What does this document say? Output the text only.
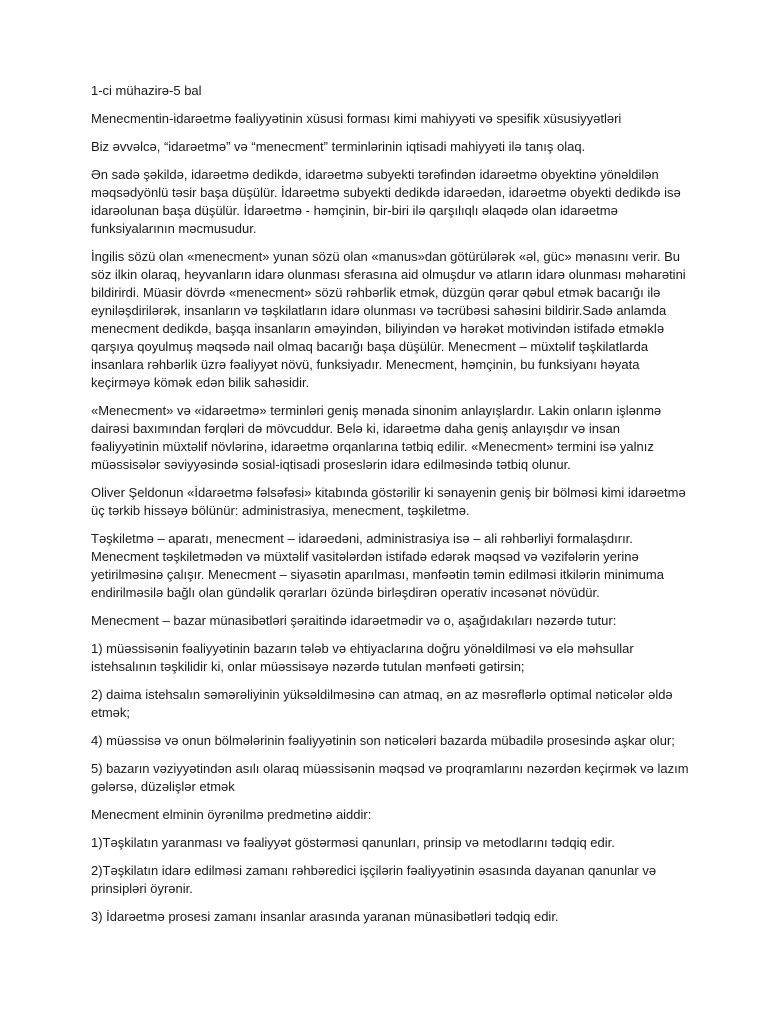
1-ci mühazirə-5 bal

Menecmentin-idarəetmə fəaliyyətinin xüsusi forması kimi mahiyyəti və spesifik xüsusiyyətləri

Biz əvvəlcə, “idarəetmə” və “menecment” terminlərinin iqtisadi mahiyyəti ilə tanış olaq.

Ən sadə şəkildə, idarəetmə dedikdə, idarəetmə subyekti tərəfindən idarəetmə obyektinə yönəldilən məqsədyönlü təsir başa düşülür. İdarəetmə subyekti dedikdə idarəedən, idarəetmə obyekti dedikdə isə idarəolunan başa düşülür. İdarəetmə - həmçinin, bir-biri ilə qarşılıqlı əlaqədə olan idarəetmə funksiyalarının məcmusudur.

İngilis sözü olan «menecment» yunan sözü olan «manus»dan götürülərək «əl, güc» mənasını verir. Bu söz ilkin olaraq, heyvanların idarə olunması sferasına aid olmuşdur və atların idarə olunması məharətini bildirirdi. Müasir dövrdə «menecment» sözü rəhbərlik etmək, düzgün qərar qəbul etmək bacarığı ilə eyniləşdirilərək, insanların və təşkilatların idarə olunması və təcrübəsi sahəsini bildirir.Sadə anlamda menecment dedikdə, başqa insanların əməyindən, biliyindən və hərəkət motivindən istifadə etməklə qarşıya qoyulmuş məqsədə nail olmaq bacarığı başa düşülür. Menecment – müxtəlif təşkilatlarda insanlara rəhbərlik üzrə fəaliyyət növü, funksiyadır. Menecment, həmçinin, bu funksiyanı həyata keçirməyə kömək edən bilik sahəsidir.

«Menecment» və «idarəetmə» terminləri geniş mənada sinonim anlayışlardır. Lakin onların işlənmə dairəsi baxımından fərqləri də mövcuddur. Belə ki, idarəetmə daha geniş anlayışdır və insan fəaliyyətinin müxtəlif növlərinə, idarəetmə orqanlarına tətbiq edilir. «Menecment» termini isə yalnız müəssisələr səviyyəsində sosial-iqtisadi proseslərin idarə edilməsində tətbiq olunur.

Oliver Şeldonun «İdarəetmə fəlsəfəsi» kitabında göstərilir ki sənayenin geniş bir bölməsi kimi idarəetmə üç tərkib hissəyə bölünür: administrasiya, menecment, təşkiletmə.

Təşkiletmə – aparatı, menecment – idarəedəni, administrasiya isə – ali rəhbərliyi formalaşdırır. Menecment təşkiletmədən və müxtəlif vasitələrdən istifadə edərək məqsəd və vəzifələrin yerinə yetirilməsinə çalışır. Menecment – siyasətin aparılması, mənfəətin təmin edilməsi itkilərin minimuma endirilməsilə bağlı olan gündəlik qərarları özündə birləşdirən operativ incəsənət növüdür.

Menecment – bazar münasibətləri şəraitində idarəetmədir və o, aşağıdakıları nəzərdə tutur:

1) müəssisənin fəaliyyətinin bazarın tələb və ehtiyaclarına doğru yönəldilməsi və elə məhsullar istehsalının təşkilidir ki, onlar müəssisəyə nəzərdə tutulan mənfəəti gətirsin;

2) daima istehsalın səmərəliyinin yüksəldilməsinə can atmaq, ən az məsrəflərlə optimal nəticələr əldə etmək;

4) müəssisə və onun bölmələrinin fəaliyyətinin son nəticələri bazarda mübadilə prosesində aşkar olur;

5) bazarın vəziyyətindən asılı olaraq müəssisənin məqsəd və proqramlarını nəzərdən keçirmək və lazım gələrsə, düzəlişlər etmək

Menecment elminin öyrənilmə predmetinə aiddir:

1)Təşkilatın yaranması və fəaliyyət göstərməsi qanunları, prinsip və metodlarını tədqiq edir.

2)Təşkilatın idarə edilməsi zamanı rəhbəredici işçilərin fəaliyyətinin əsasında dayanan qanunlar və prinsipləri öyrənir.

3) İdarəetmə prosesi zamanı insanlar arasında yaranan münasibətləri tədqiq edir.
